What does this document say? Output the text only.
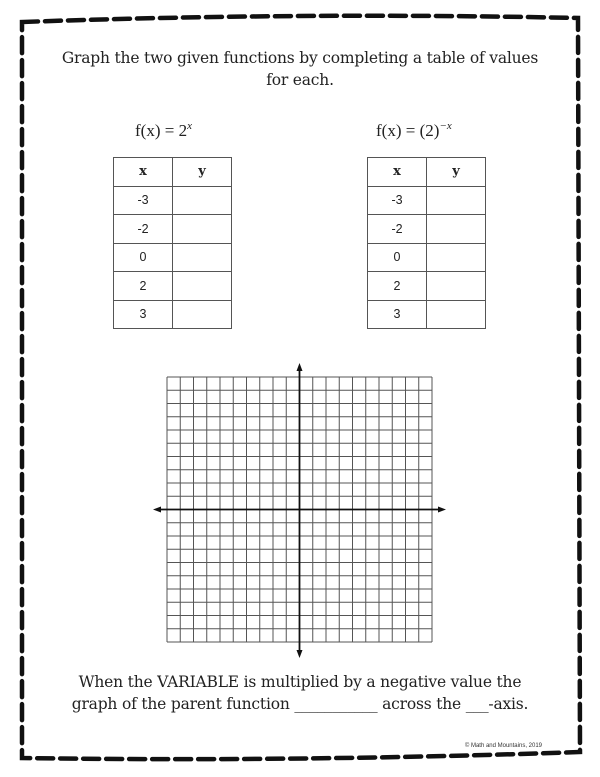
Graph the two given functions by completing a table of values
for each.
$f(x) = 2^x$	$f(x) = (2)^{-x}$
x	y
-3	
-2	
0	
2	
3	
x	y
-3	
-2	
0	
2	
3	
When the VARIABLE is multiplied by a negative value the
graph of the parent function ___________ across the ___-axis.
© Math and Mountains, 2019
